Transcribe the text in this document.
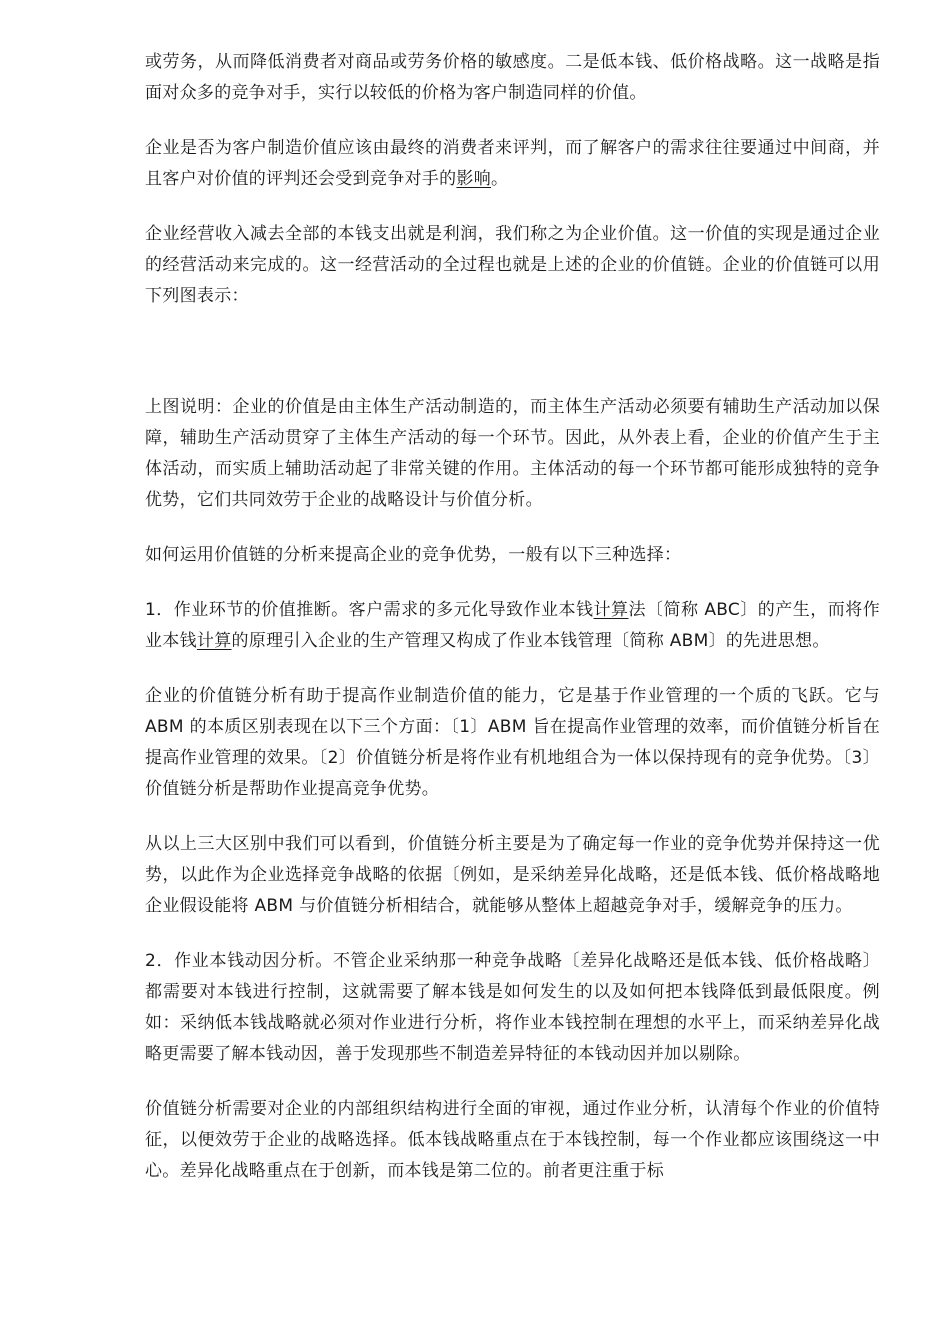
或劳务，从而降低消费者对商品或劳务价格的敏感度。二是低本钱、低价格战略。这一战略是指面对众多的竞争对手，实行以较低的价格为客户制造同样的价值。

企业是否为客户制造价值应该由最终的消费者来评判，而了解客户的需求往往要通过中间商，并且客户对价值的评判还会受到竞争对手的影响。

企业经营收入减去全部的本钱支出就是利润，我们称之为企业价值。这一价值的实现是通过企业的经营活动来完成的。这一经营活动的全过程也就是上述的企业的价值链。企业的价值链可以用下列图表示：

上图说明：企业的价值是由主体生产活动制造的，而主体生产活动必须要有辅助生产活动加以保障，辅助生产活动贯穿了主体生产活动的每一个环节。因此，从外表上看，企业的价值产生于主体活动，而实质上辅助活动起了非常关键的作用。主体活动的每一个环节都可能形成独特的竞争优势，它们共同效劳于企业的战略设计与价值分析。

如何运用价值链的分析来提高企业的竞争优势，一般有以下三种选择：

1．作业环节的价值推断。客户需求的多元化导致作业本钱计算法〔简称 ABC〕的产生，而将作业本钱计算的原理引入企业的生产管理又构成了作业本钱管理〔简称 ABM〕的先进思想。

企业的价值链分析有助于提高作业制造价值的能力，它是基于作业管理的一个质的飞跃。它与 ABM 的本质区别表现在以下三个方面：〔1〕ABM 旨在提高作业管理的效率，而价值链分析旨在提高作业管理的效果。〔2〕价值链分析是将作业有机地组合为一体以保持现有的竞争优势。〔3〕价值链分析是帮助作业提高竞争优势。

从以上三大区别中我们可以看到，价值链分析主要是为了确定每一作业的竞争优势并保持这一优势，以此作为企业选择竞争战略的依据〔例如，是采纳差异化战略，还是低本钱、低价格战略地企业假设能将 ABM 与价值链分析相结合，就能够从整体上超越竞争对手，缓解竞争的压力。

2．作业本钱动因分析。不管企业采纳那一种竞争战略〔差异化战略还是低本钱、低价格战略〕都需要对本钱进行控制，这就需要了解本钱是如何发生的以及如何把本钱降低到最低限度。例如：采纳低本钱战略就必须对作业进行分析，将作业本钱控制在理想的水平上，而采纳差异化战略更需要了解本钱动因，善于发现那些不制造差异特征的本钱动因并加以剔除。

价值链分析需要对企业的内部组织结构进行全面的审视，通过作业分析，认清每个作业的价值特征，以便效劳于企业的战略选择。低本钱战略重点在于本钱控制，每一个作业都应该围绕这一中心。差异化战略重点在于创新，而本钱是第二位的。前者更注重于标
